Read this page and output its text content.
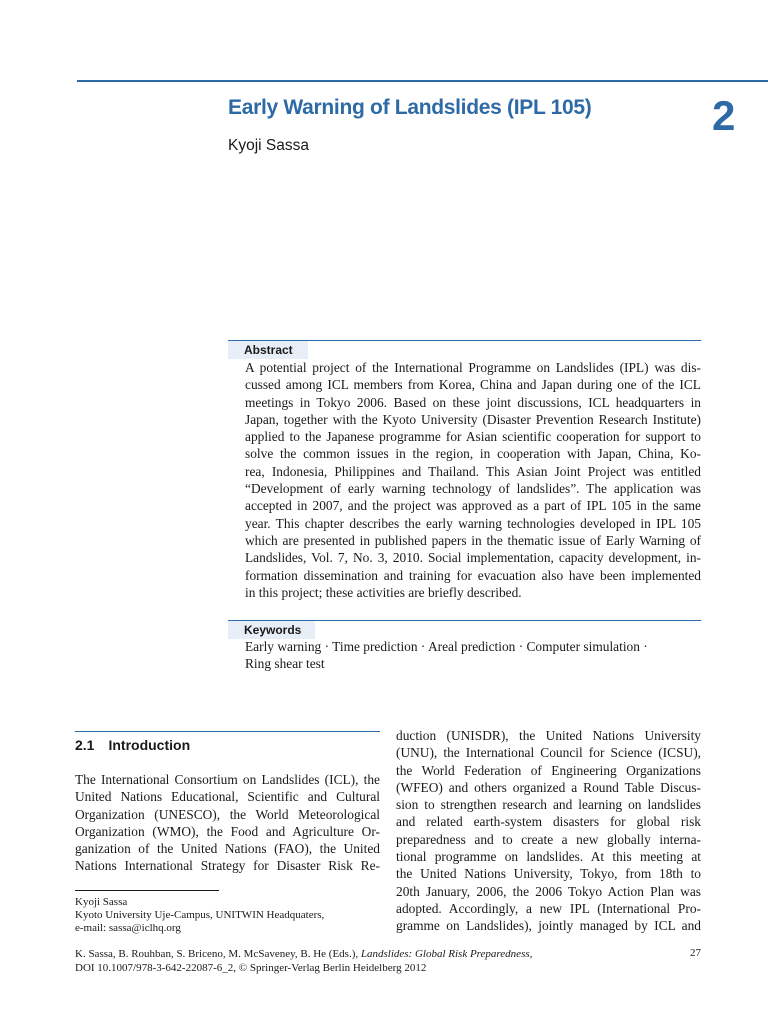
Early Warning of Landslides (IPL 105)	2
Kyoji Sassa
Abstract
A potential project of the International Programme on Landslides (IPL) was dis-
cussed among ICL members from Korea, China and Japan during one of the ICL
meetings in Tokyo 2006. Based on these joint discussions, ICL headquarters in
Japan, together with the Kyoto University (Disaster Prevention Research Institute)
applied to the Japanese programme for Asian scientific cooperation for support to
solve the common issues in the region, in cooperation with Japan, China, Ko-
rea, Indonesia, Philippines and Thailand. This Asian Joint Project was entitled
“Development of early warning technology of landslides”. The application was
accepted in 2007, and the project was approved as a part of IPL 105 in the same
year. This chapter describes the early warning technologies developed in IPL 105
which are presented in published papers in the thematic issue of Early Warning of
Landslides, Vol. 7, No. 3, 2010. Social implementation, capacity development, in-
formation dissemination and training for evacuation also have been implemented
in this project; these activities are briefly described.
Keywords
Early warning · Time prediction · Areal prediction · Computer simulation ·
Ring shear test
2.1 Introduction
The International Consortium on Landslides (ICL), the
United Nations Educational, Scientific and Cultural
Organization (UNESCO), the World Meteorological
Organization (WMO), the Food and Agriculture Or-
ganization of the United Nations (FAO), the United
Nations International Strategy for Disaster Risk Re-
duction (UNISDR), the United Nations University
(UNU), the International Council for Science (ICSU),
the World Federation of Engineering Organizations
(WFEO) and others organized a Round Table Discus-
sion to strengthen research and learning on landslides
and related earth-system disasters for global risk
preparedness and to create a new globally interna-
tional programme on landslides. At this meeting at
the United Nations University, Tokyo, from 18th to
20th January, 2006, the 2006 Tokyo Action Plan was
adopted. Accordingly, a new IPL (International Pro-
gramme on Landslides), jointly managed by ICL and
Kyoji Sassa
Kyoto University Uje-Campus, UNITWIN Headquaters,
e-mail: sassa@iclhq.org
K. Sassa, B. Rouhban, S. Briceno, M. McSaveney, B. He (Eds.), Landslides: Global Risk Preparedness,
DOI 10.1007/978-3-642-22087-6_2, © Springer-Verlag Berlin Heidelberg 2012
27
